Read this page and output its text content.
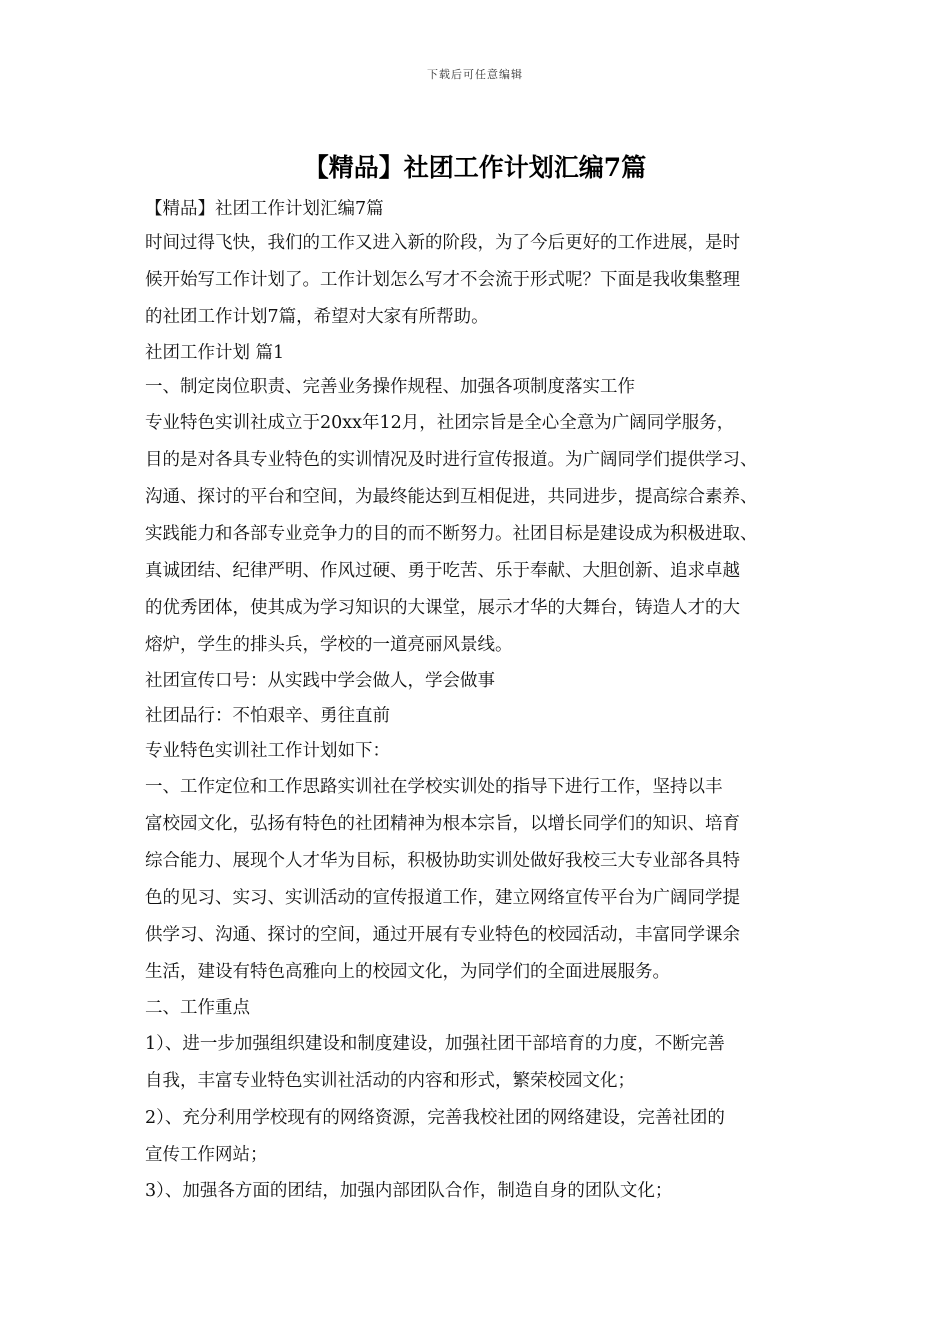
下载后可任意编辑
【精品】社团工作计划汇编7篇
【精品】社团工作计划汇编7篇
时间过得飞快，我们的工作又进入新的阶段，为了今后更好的工作进展，是时
候开始写工作计划了。工作计划怎么写才不会流于形式呢？下面是我收集整理
的社团工作计划7篇，希望对大家有所帮助。
社团工作计划 篇1
一、制定岗位职责、完善业务操作规程、加强各项制度落实工作
专业特色实训社成立于20xx年12月，社团宗旨是全心全意为广阔同学服务，
目的是对各具专业特色的实训情况及时进行宣传报道。为广阔同学们提供学习、
沟通、探讨的平台和空间，为最终能达到互相促进，共同进步，提高综合素养、
实践能力和各部专业竞争力的目的而不断努力。社团目标是建设成为积极进取、
真诚团结、纪律严明、作风过硬、勇于吃苦、乐于奉献、大胆创新、追求卓越
的优秀团体，使其成为学习知识的大课堂，展示才华的大舞台，铸造人才的大
熔炉，学生的排头兵，学校的一道亮丽风景线。
社团宣传口号：从实践中学会做人，学会做事
社团品行：不怕艰辛、勇往直前
专业特色实训社工作计划如下：
一、工作定位和工作思路实训社在学校实训处的指导下进行工作，坚持以丰
富校园文化，弘扬有特色的社团精神为根本宗旨，以增长同学们的知识、培育
综合能力、展现个人才华为目标，积极协助实训处做好我校三大专业部各具特
色的见习、实习、实训活动的宣传报道工作，建立网络宣传平台为广阔同学提
供学习、沟通、探讨的空间，通过开展有专业特色的校园活动，丰富同学课余
生活，建设有特色高雅向上的校园文化，为同学们的全面进展服务。
二、工作重点
1）、进一步加强组织建设和制度建设，加强社团干部培育的力度，不断完善
自我，丰富专业特色实训社活动的内容和形式，繁荣校园文化；
2）、充分利用学校现有的网络资源，完善我校社团的网络建设，完善社团的
宣传工作网站；
3）、加强各方面的团结，加强内部团队合作，制造自身的团队文化；
